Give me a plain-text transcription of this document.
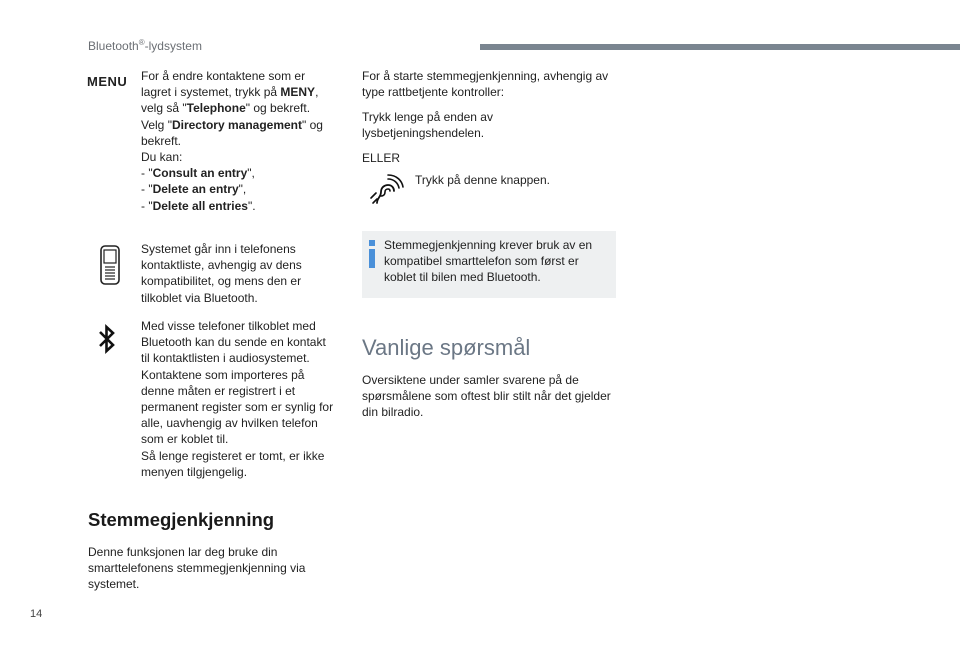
Bluetooth®-lydsystem
MENU For å endre kontaktene som er

lagret i systemet, trykk på MENY,

velg så "Telephone" og bekreft.

Velg "Directory management" og

bekreft.

Du kan:

- "Consult an entry",

- "Delete an entry",

- "Delete all entries".

Systemet går inn i telefonens

kontaktliste, avhengig av dens

kompatibilitet, og mens den er

tilkoblet via Bluetooth.

Med visse telefoner tilkoblet med

Bluetooth kan du sende en kontakt

til kontaktlisten i audiosystemet.

Kontaktene som importeres på

denne måten er registrert i et

permanent register som er synlig for

alle, uavhengig av hvilken telefon

som er koblet til.

Så lenge registeret er tomt, er ikke

menyen tilgjengelig.

Stemmegjenkjenning

Denne funksjonen lar deg bruke din

smarttelefonens stemmegjenkjenning via

systemet.

For å starte stemmegjenkjenning, avhengig av

type rattbetjente kontroller:

Trykk lenge på enden av

lysbetjeningshendelen.

ELLER

Trykk på denne knappen.

Stemmegjenkjenning krever bruk av en

kompatibel smarttelefon som først er

koblet til bilen med Bluetooth.

Vanlige spørsmål

Oversiktene under samler svarene på de

spørsmålene som oftest blir stilt når det gjelder

din bilradio.

14
